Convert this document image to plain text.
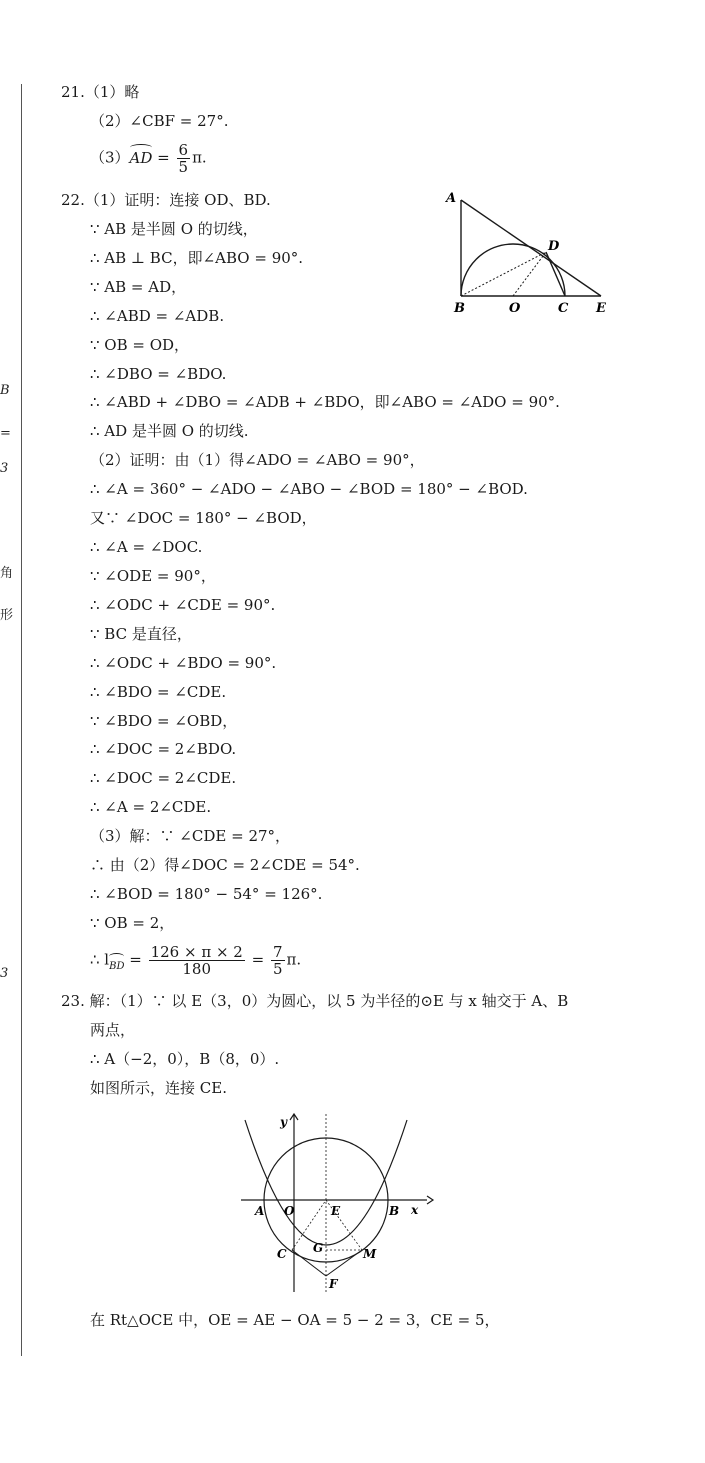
B
=
3
角
形
3
21.（1）略
（2）∠CBF = 27°.
$(3)AD = \frac{6}{5} \pi$.
22.（1）证明：连接 OD、BD.
∵ AB 是半圆 O 的切线，
∴ AB ⊥ BC，即∠ABO = 90°.
∵ AB = AD，
∴ ∠ABD = ∠ADB.
∵ OB = OD，
∴ ∠DBO = ∠BDO.
∴ ∠ABD + ∠DBO = ∠ADB + ∠BDO，即∠ABO = ∠ADO = 90°.
∴ AD 是半圆 O 的切线.
（2）证明：由（1）得∠ADO = ∠ABO = 90°，
∴ ∠A = 360° − ∠ADO − ∠ABO − ∠BOD = 180° − ∠BOD.
又∵ ∠DOC = 180° − ∠BOD，
∴ ∠A = ∠DOC.
∵ ∠ODE = 90°，
∴ ∠ODC + ∠CDE = 90°.
∵ BC 是直径，
∴ ∠ODC + ∠BDO = 90°.
∴ ∠BDO = ∠CDE.
∵ ∠BDO = ∠OBD，
∴ ∠DOC = 2∠BDO.
∴ ∠DOC = 2∠CDE.
∴ ∠A = 2∠CDE.
（3）解：∵ ∠CDE = 27°，
∴ 由（2）得∠DOC = 2∠CDE = 54°.
∴ ∠BOD = 180° − 54° = 126°.
∵ OB = 2，
∴ lBD = $\frac{126 \times \pi \times 2}{180} = \frac{7}{5} \pi$.
A
D
B	O	C E
23. 解：（1）∵ 以 E（3，0）为圆心，以 5 为半径的⊙E 与 x 轴交于 A、B
两点，
∴ A（−2，0），B（8，0）.
如图所示，连接 CE.
y
x
A O	E	B
C G	M
F
在 Rt△OCE 中，OE = AE − OA = 5 − 2 = 3，CE = 5，
